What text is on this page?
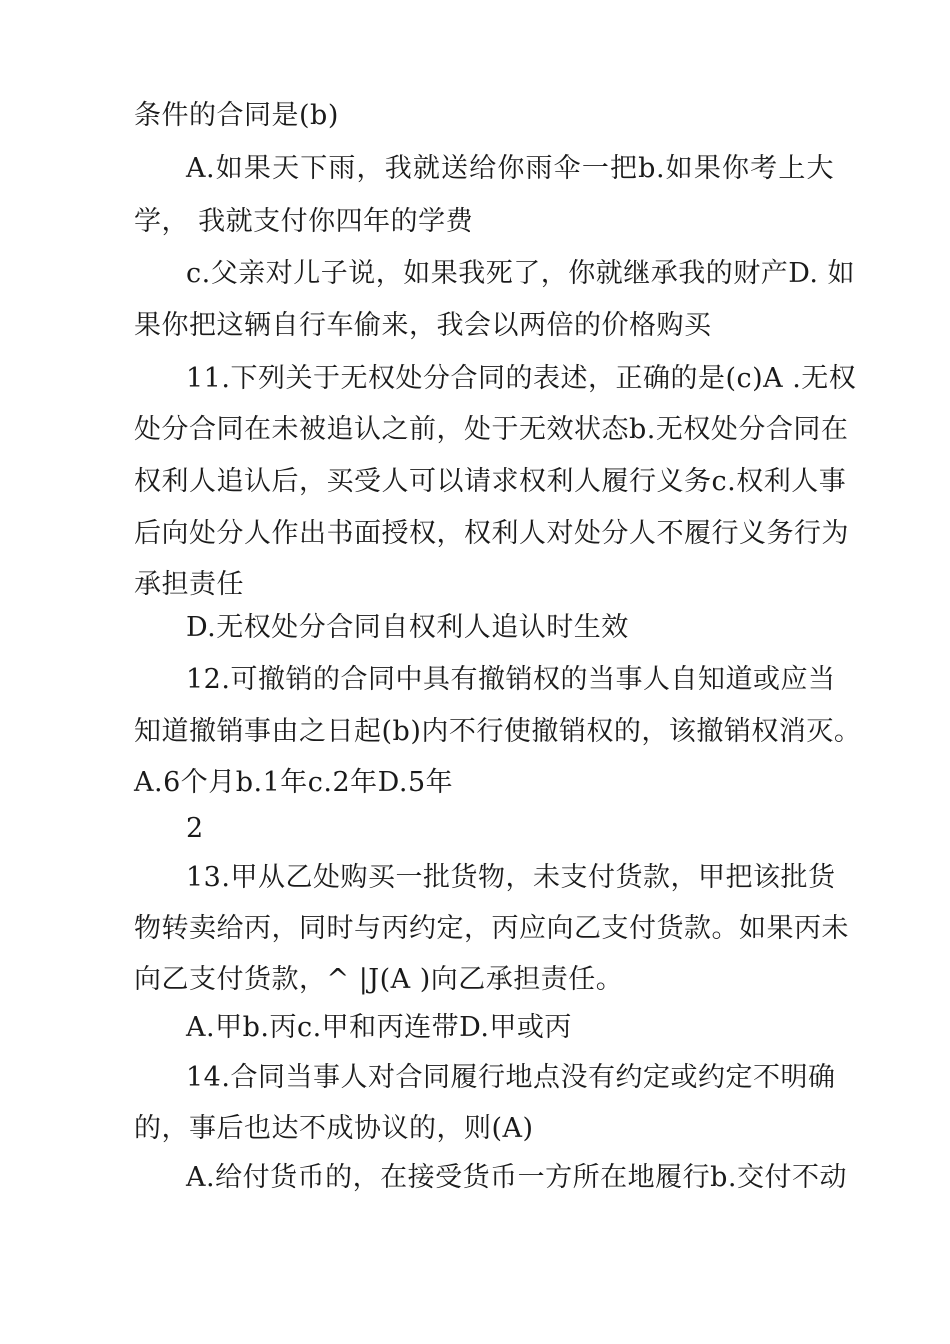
条件的合同是(b)
A.如果天下雨，我就送给你雨伞一把b.如果你考上大
学， 我就支付你四年的学费
c.父亲对儿子说，如果我死了，你就继承我的财产D. 如
果你把这辆自行车偷来，我会以两倍的价格购买
11.下列关于无权处分合同的表述，正确的是(c)A .无权
处分合同在未被追认之前，处于无效状态b.无权处分合同在
权利人追认后，买受人可以请求权利人履行义务c.权利人事
后向处分人作出书面授权，权利人对处分人不履行义务行为
承担责任
D.无权处分合同自权利人追认时生效
12.可撤销的合同中具有撤销权的当事人自知道或应当
知道撤销事由之日起(b)内不行使撤销权的，该撤销权消灭。
A.6个月b.1年c.2年D.5年
2
13.甲从乙处购买一批货物，未支付货款，甲把该批货
物转卖给丙，同时与丙约定，丙应向乙支付货款。如果丙未
向乙支付货款，^ |J(A )向乙承担责任。
A.甲b.丙c.甲和丙连带D.甲或丙
14.合同当事人对合同履行地点没有约定或约定不明确
的，事后也达不成协议的，则(A)
A.给付货币的，在接受货币一方所在地履行b.交付不动
